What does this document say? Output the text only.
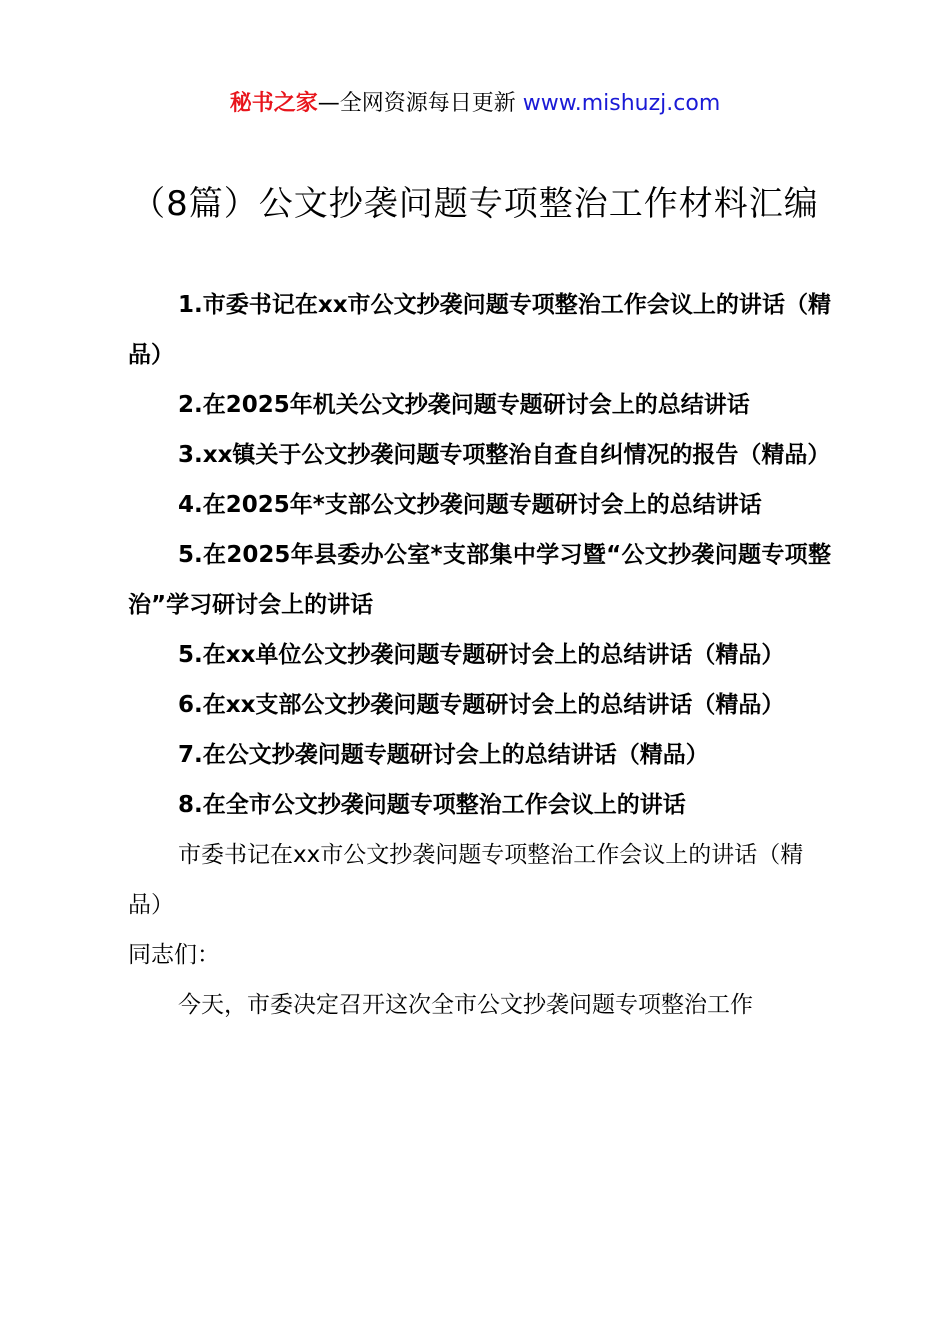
秘书之家—全网资源每日更新 www.mishuzj.com
（8篇）公文抄袭问题专项整治工作材料汇编

1.市委书记在xx市公文抄袭问题专项整治工作会议上的讲话（精品）

2.在2025年机关公文抄袭问题专题研讨会上的总结讲话

3.xx镇关于公文抄袭问题专项整治自查自纠情况的报告（精品）

4.在2025年*支部公文抄袭问题专题研讨会上的总结讲话

5.在2025年县委办公室*支部集中学习暨“公文抄袭问题专项整治”学习研讨会上的讲话

5.在xx单位公文抄袭问题专题研讨会上的总结讲话（精品）

6.在xx支部公文抄袭问题专题研讨会上的总结讲话（精品）

7.在公文抄袭问题专题研讨会上的总结讲话（精品）

8.在全市公文抄袭问题专项整治工作会议上的讲话

市委书记在xx市公文抄袭问题专项整治工作会议上的讲话（精品）

同志们：

今天，市委决定召开这次全市公文抄袭问题专项整治工作
